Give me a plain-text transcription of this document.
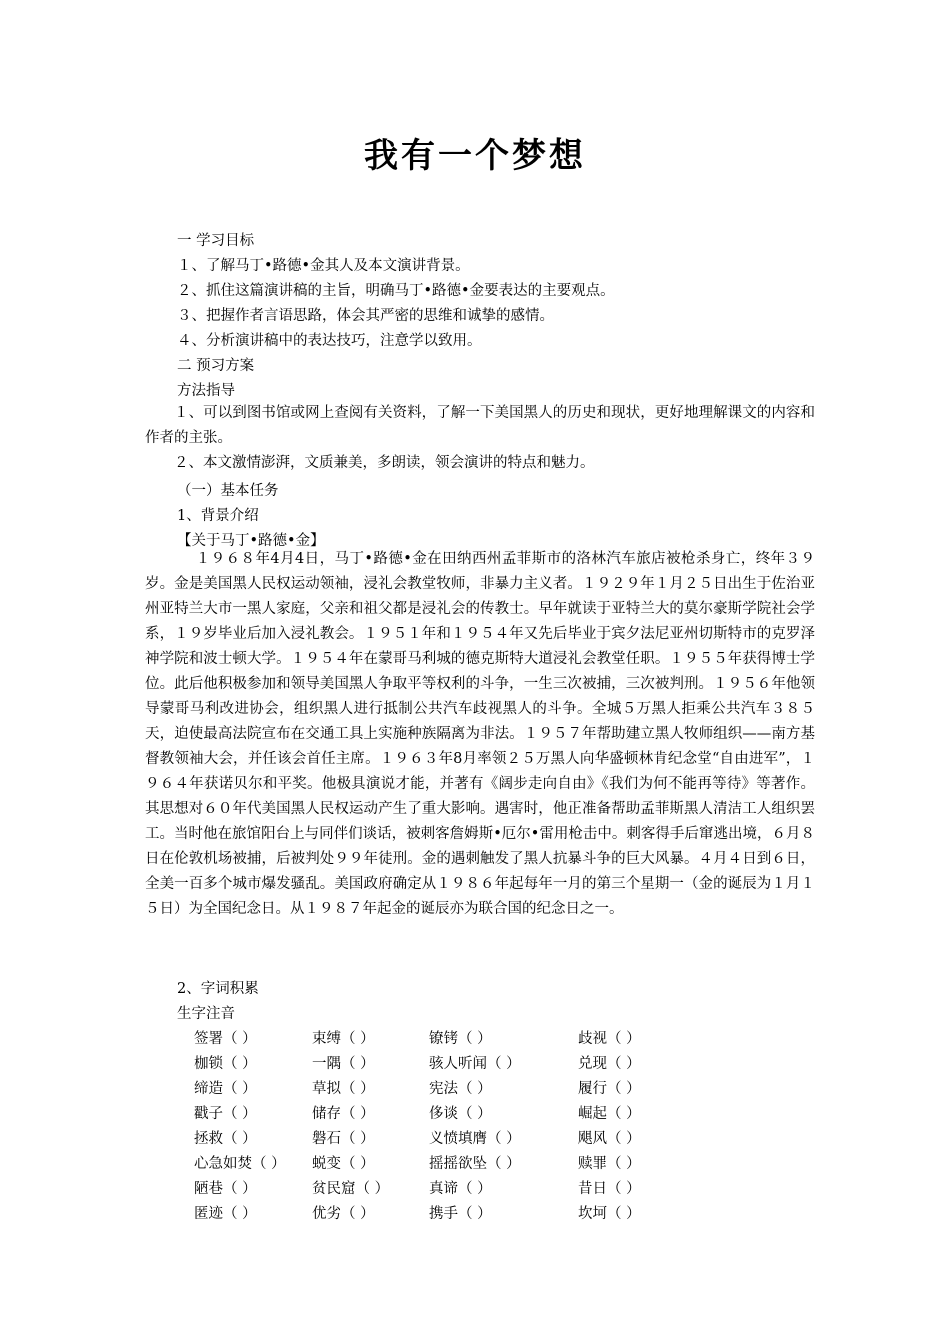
我有一个梦想
一 学习目标
１、了解马丁•路德•金其人及本文演讲背景。
２、抓住这篇演讲稿的主旨，明确马丁•路德•金要表达的主要观点。
３、把握作者言语思路，体会其严密的思维和诚挚的感情。
４、分析演讲稿中的表达技巧，注意学以致用。
二 预习方案
方法指导
１、可以到图书馆或网上查阅有关资料，了解一下美国黑人的历史和现状，更好地理解课文的内容和作者的主张。
２、本文激情澎湃，文质兼美，多朗读，领会演讲的特点和魅力。
（一）基本任务
1、背景介绍
【关于马丁•路德•金】
１９６８年4月4日，马丁•路德•金在田纳西州孟菲斯市的洛林汽车旅店被枪杀身亡，终年３９岁。金是美国黑人民权运动领袖，浸礼会教堂牧师，非暴力主义者。１９２９年１月２５日出生于佐治亚州亚特兰大市一黑人家庭，父亲和祖父都是浸礼会的传教士。早年就读于亚特兰大的莫尔豪斯学院社会学系，１９岁毕业后加入浸礼教会。１９５１年和１９５４年又先后毕业于宾夕法尼亚州切斯特市的克罗泽神学院和波士顿大学。１９５４年在蒙哥马利城的德克斯特大道浸礼会教堂任职。１９５５年获得博士学位。此后他积极参加和领导美国黑人争取平等权利的斗争，一生三次被捕，三次被判刑。１９５６年他领导蒙哥马利改进协会，组织黑人进行抵制公共汽车歧视黑人的斗争。全城５万黑人拒乘公共汽车３８５天，迫使最高法院宣布在交通工具上实施种族隔离为非法。１９５７年帮助建立黑人牧师组织——南方基督教领袖大会，并任该会首任主席。１９６３年8月率领２５万黑人向华盛顿林肯纪念堂“自由进军”，１９６４年获诺贝尔和平奖。他极具演说才能，并著有《阔步走向自由》《我们为何不能再等待》等著作。其思想对６０年代美国黑人民权运动产生了重大影响。遇害时，他正准备帮助孟菲斯黑人清洁工人组织罢工。当时他在旅馆阳台上与同伴们谈话，被刺客詹姆斯•厄尔•雷用枪击中。刺客得手后窜逃出境，６月８日在伦敦机场被捕，后被判处９９年徒刑。金的遇刺触发了黑人抗暴斗争的巨大风暴。４月４日到６日，全美一百多个城市爆发骚乱。美国政府确定从１９８６年起每年一月的第三个星期一（金的诞辰为１月１５日）为全国纪念日。从１９８７年起金的诞辰亦为联合国的纪念日之一。
2、字词积累
生字注音
签署（ ）	束缚（ ）	镣铐（ ）	歧视（ ）
枷锁（ ）	一隅（ ）	骇人听闻（ ）	兑现（ ）
缔造（ ）	草拟（ ）	宪法（ ）	履行（ ）
戳子（ ）	储存（ ）	侈谈（ ）	崛起（ ）
拯救（ ）	磐石（ ）	义愤填膺（ ）	飓风（ ）
心急如焚（ ） 蜕变（ ）	摇摇欲坠（ ）	赎罪（ ）
陋巷（ ）	贫民窟（ ）	真谛（ ）	昔日（ ）
匿迹（ ）	优劣（ ）	携手（ ）	坎坷（ ）
